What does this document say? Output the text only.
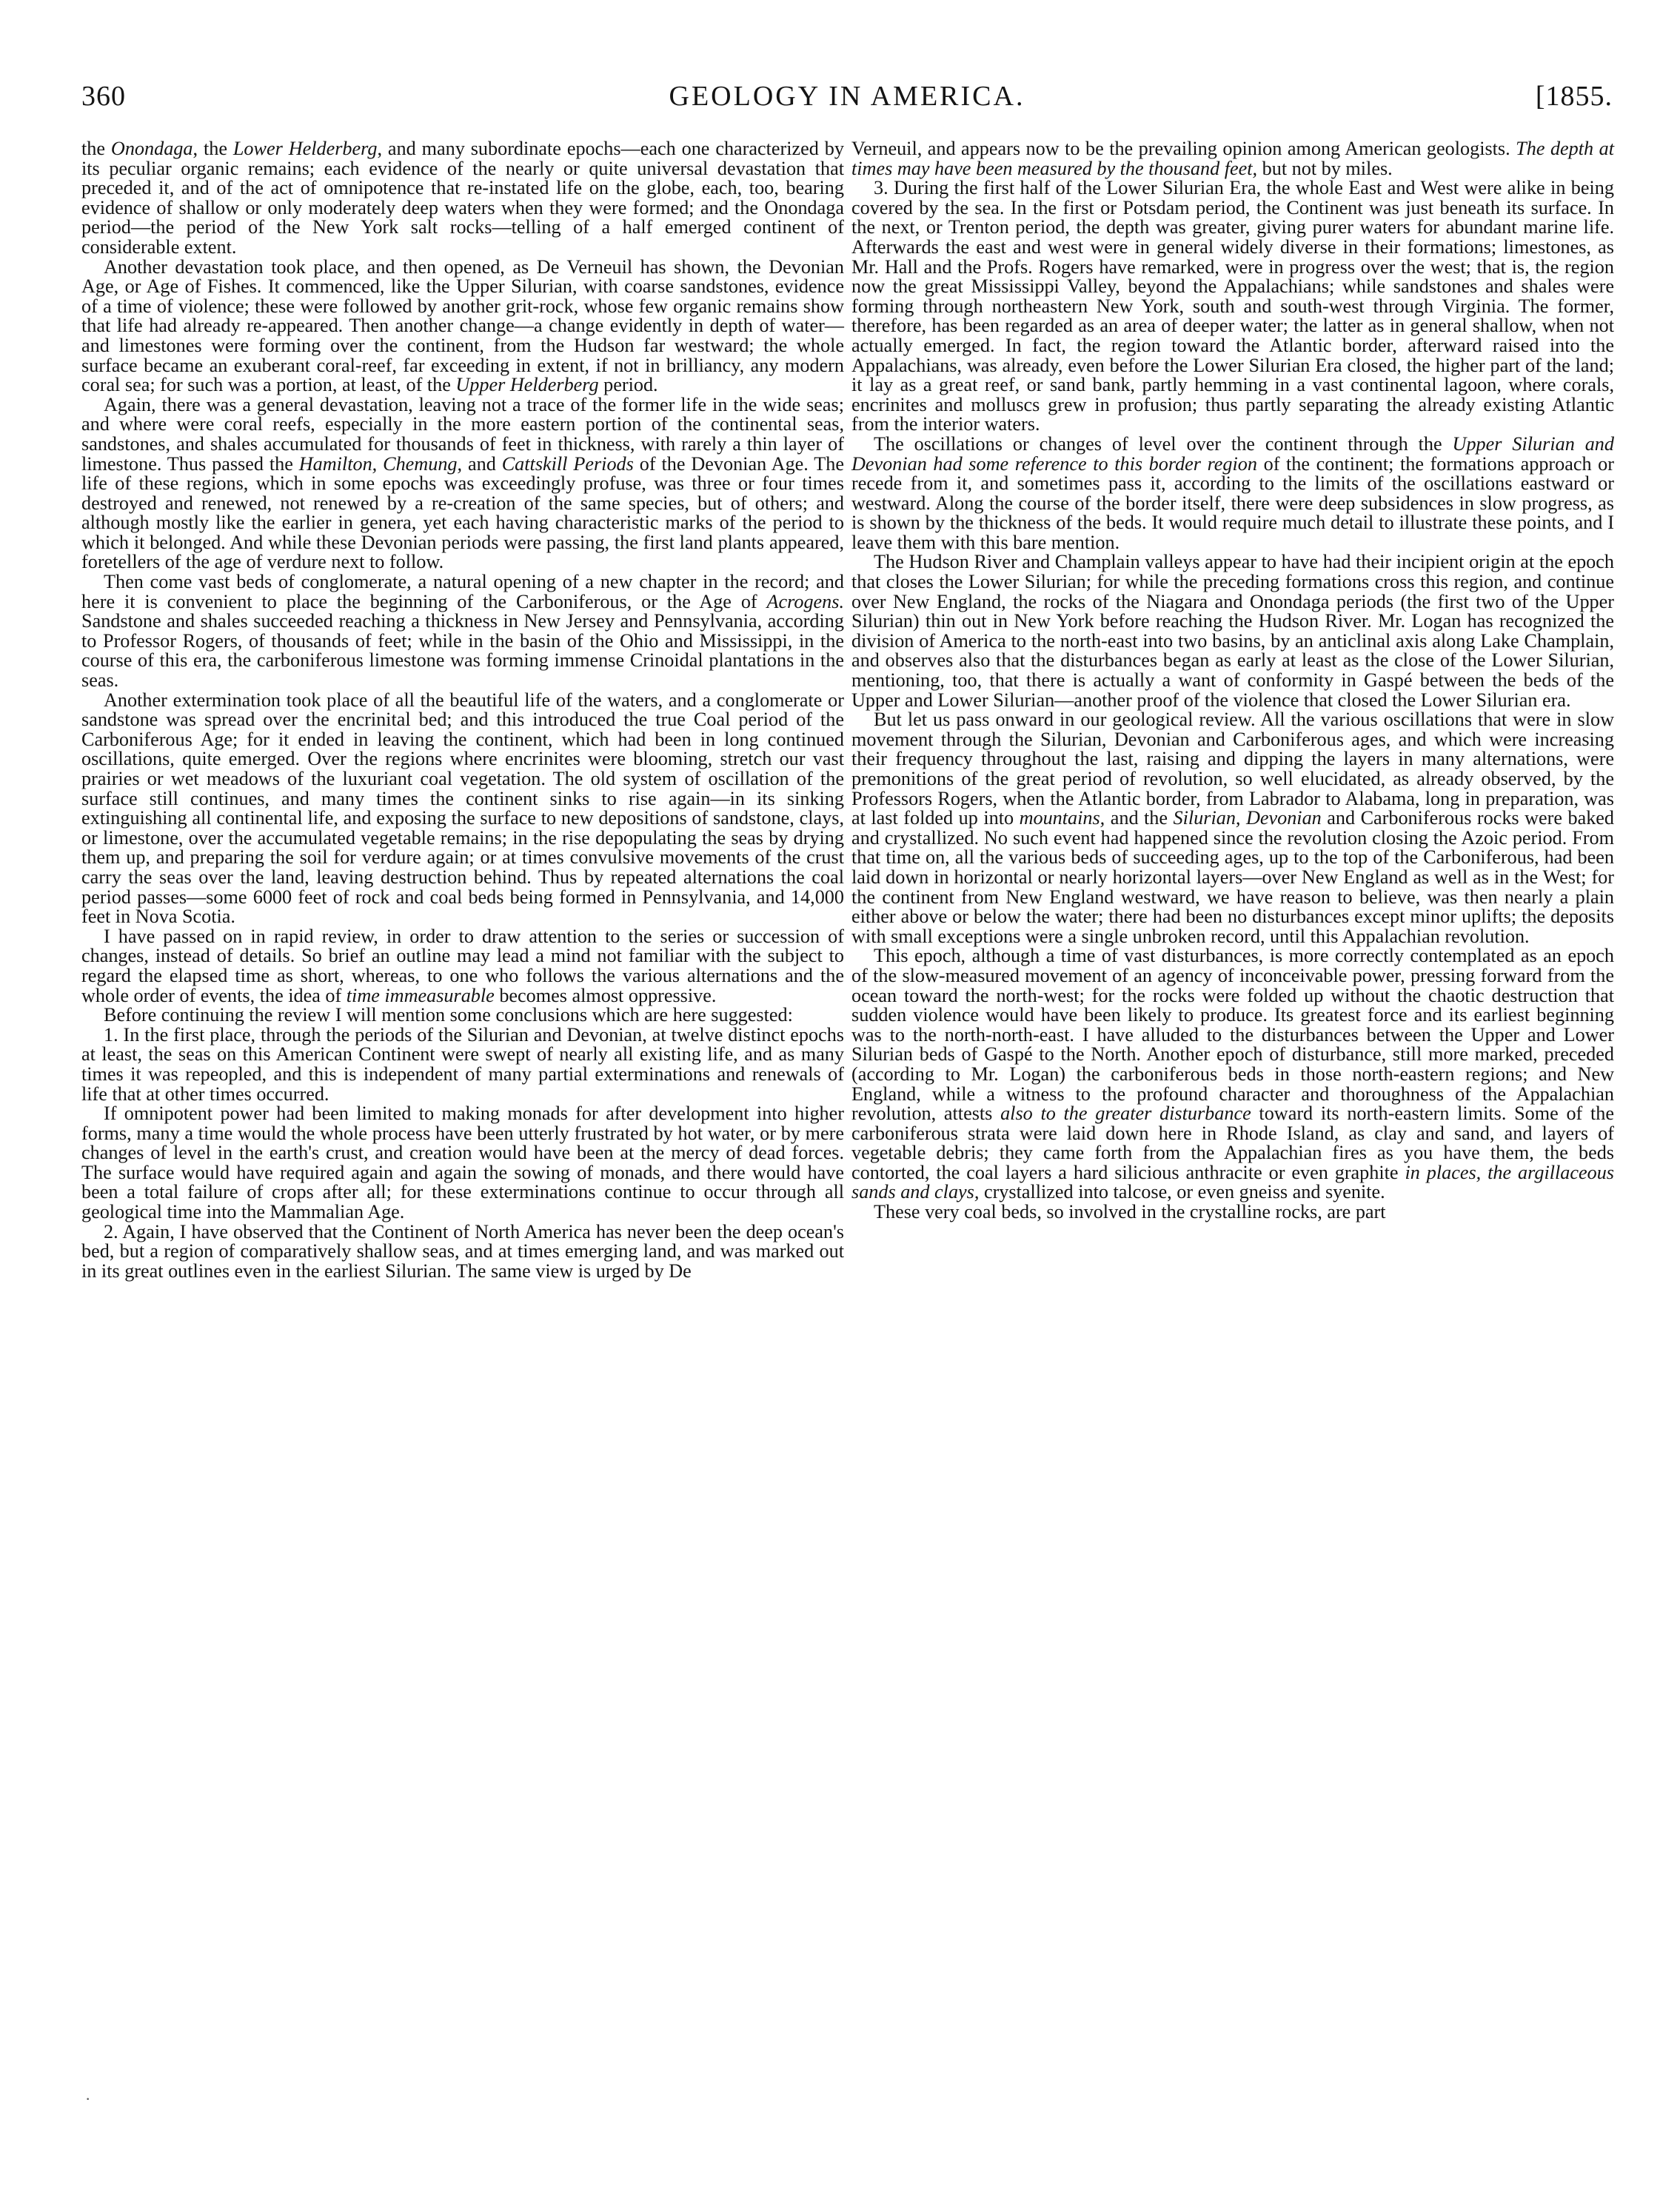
360	GEOLOGY IN AMERICA.	[1855.

the Onondaga, the Lower Helderberg, and many subordinate epochs—each one characterized by its peculiar organic remains; each evidence of the nearly or quite universal devastation that preceded it, and of the act of omnipotence that re-instated life on the globe, each, too, bearing evidence of shallow or only moderately deep waters when they were formed; and the Onondaga period—the period of the New York salt rocks—telling of a half emerged continent of considerable extent.

Another devastation took place, and then opened, as De Verneuil has shown, the Devonian Age, or Age of Fishes. It commenced, like the Upper Silurian, with coarse sandstones, evidence of a time of violence; these were followed by another grit-rock, whose few organic remains show that life had already re-appeared. Then another change—a change evidently in depth of water—and limestones were forming over the continent, from the Hudson far westward; the whole surface became an exuberant coral-reef, far exceeding in extent, if not in brilliancy, any modern coral sea; for such was a portion, at least, of the Upper Helderberg period.

Again, there was a general devastation, leaving not a trace of the former life in the wide seas; and where were coral reefs, especially in the more eastern portion of the continental seas, sandstones, and shales accumulated for thousands of feet in thickness, with rarely a thin layer of limestone. Thus passed the Hamilton, Chemung, and Cattskill Periods of the Devonian Age. The life of these regions, which in some epochs was exceedingly profuse, was three or four times destroyed and renewed, not renewed by a re-creation of the same species, but of others; and although mostly like the earlier in genera, yet each having characteristic marks of the period to which it belonged. And while these Devonian periods were passing, the first land plants appeared, foretellers of the age of verdure next to follow.

Then come vast beds of conglomerate, a natural opening of a new chapter in the record; and here it is convenient to place the beginning of the Carboniferous, or the Age of Acrogens. Sandstone and shales succeeded reaching a thickness in New Jersey and Pennsylvania, according to Professor Rogers, of thousands of feet; while in the basin of the Ohio and Mississippi, in the course of this era, the carboniferous limestone was forming immense Crinoidal plantations in the seas.

Another extermination took place of all the beautiful life of the waters, and a conglomerate or sandstone was spread over the encrinital bed; and this introduced the true Coal period of the Carboniferous Age; for it ended in leaving the continent, which had been in long continued oscillations, quite emerged. Over the regions where encrinites were blooming, stretch our vast prairies or wet meadows of the luxuriant coal vegetation. The old system of oscillation of the surface still continues, and many times the continent sinks to rise again—in its sinking extinguishing all continental life, and exposing the surface to new depositions of sandstone, clays, or limestone, over the accumulated vegetable remains; in the rise depopulating the seas by drying them up, and preparing the soil for verdure again; or at times convulsive movements of the crust carry the seas over the land, leaving destruction behind. Thus by repeated alternations the coal period passes—some 6000 feet of rock and coal beds being formed in Pennsylvania, and 14,000 feet in Nova Scotia.

I have passed on in rapid review, in order to draw attention to the series or succession of changes, instead of details. So brief an outline may lead a mind not familiar with the subject to regard the elapsed time as short, whereas, to one who follows the various alternations and the whole order of events, the idea of time immeasurable becomes almost oppressive.

Before continuing the review I will mention some conclusions which are here suggested:

1. In the first place, through the periods of the Silurian and Devonian, at twelve distinct epochs at least, the seas on this American Continent were swept of nearly all existing life, and as many times it was repeopled, and this is independent of many partial exterminations and renewals of life that at other times occurred.

If omnipotent power had been limited to making monads for after development into higher forms, many a time would the whole process have been utterly frustrated by hot water, or by mere changes of level in the earth's crust, and creation would have been at the mercy of dead forces. The surface would have required again and again the sowing of monads, and there would have been a total failure of crops after all; for these exterminations continue to occur through all geological time into the Mammalian Age.

2. Again, I have observed that the Continent of North America has never been the deep ocean's bed, but a region of comparatively shallow seas, and at times emerging land, and was marked out in its great outlines even in the earliest Silurian. The same view is urged by De

Verneuil, and appears now to be the prevailing opinion among American geologists. The depth at times may have been measured by the thousand feet, but not by miles.

3. During the first half of the Lower Silurian Era, the whole East and West were alike in being covered by the sea. In the first or Potsdam period, the Continent was just beneath its surface. In the next, or Trenton period, the depth was greater, giving purer waters for abundant marine life. Afterwards the east and west were in general widely diverse in their formations; limestones, as Mr. Hall and the Profs. Rogers have remarked, were in progress over the west; that is, the region now the great Mississippi Valley, beyond the Appalachians; while sandstones and shales were forming through northeastern New York, south and south-west through Virginia. The former, therefore, has been regarded as an area of deeper water; the latter as in general shallow, when not actually emerged. In fact, the region toward the Atlantic border, afterward raised into the Appalachians, was already, even before the Lower Silurian Era closed, the higher part of the land; it lay as a great reef, or sand bank, partly hemming in a vast continental lagoon, where corals, encrinites and molluscs grew in profusion; thus partly separating the already existing Atlantic from the interior waters.

The oscillations or changes of level over the continent through the Upper Silurian and Devonian had some reference to this border region of the continent; the formations approach or recede from it, and sometimes pass it, according to the limits of the oscillations eastward or westward. Along the course of the border itself, there were deep subsidences in slow progress, as is shown by the thickness of the beds. It would require much detail to illustrate these points, and I leave them with this bare mention.

The Hudson River and Champlain valleys appear to have had their incipient origin at the epoch that closes the Lower Silurian; for while the preceding formations cross this region, and continue over New England, the rocks of the Niagara and Onondaga periods (the first two of the Upper Silurian) thin out in New York before reaching the Hudson River. Mr. Logan has recognized the division of America to the north-east into two basins, by an anticlinal axis along Lake Champlain, and observes also that the disturbances began as early at least as the close of the Lower Silurian, mentioning, too, that there is actually a want of conformity in Gaspé between the beds of the Upper and Lower Silurian—another proof of the violence that closed the Lower Silurian era.

But let us pass onward in our geological review. All the various oscillations that were in slow movement through the Silurian, Devonian and Carboniferous ages, and which were increasing their frequency throughout the last, raising and dipping the layers in many alternations, were premonitions of the great period of revolution, so well elucidated, as already observed, by the Professors Rogers, when the Atlantic border, from Labrador to Alabama, long in preparation, was at last folded up into mountains, and the Silurian, Devonian and Carboniferous rocks were baked and crystallized. No such event had happened since the revolution closing the Azoic period. From that time on, all the various beds of succeeding ages, up to the top of the Carboniferous, had been laid down in horizontal or nearly horizontal layers—over New England as well as in the West; for the continent from New England westward, we have reason to believe, was then nearly a plain either above or below the water; there had been no disturbances except minor uplifts; the deposits with small exceptions were a single unbroken record, until this Appalachian revolution.

This epoch, although a time of vast disturbances, is more correctly contemplated as an epoch of the slow-measured movement of an agency of inconceivable power, pressing forward from the ocean toward the north-west; for the rocks were folded up without the chaotic destruction that sudden violence would have been likely to produce. Its greatest force and its earliest beginning was to the north-north-east. I have alluded to the disturbances between the Upper and Lower Silurian beds of Gaspé to the North. Another epoch of disturbance, still more marked, preceded (according to Mr. Logan) the carboniferous beds in those north-eastern regions; and New England, while a witness to the profound character and thoroughness of the Appalachian revolution, attests also to the greater disturbance toward its north-eastern limits. Some of the carboniferous strata were laid down here in Rhode Island, as clay and sand, and layers of vegetable debris; they came forth from the Appalachian fires as you have them, the beds contorted, the coal layers a hard silicious anthracite or even graphite in places, the argillaceous sands and clays, crystallized into talcose, or even gneiss and syenite.

These very coal beds, so involved in the crystalline rocks, are part

·
